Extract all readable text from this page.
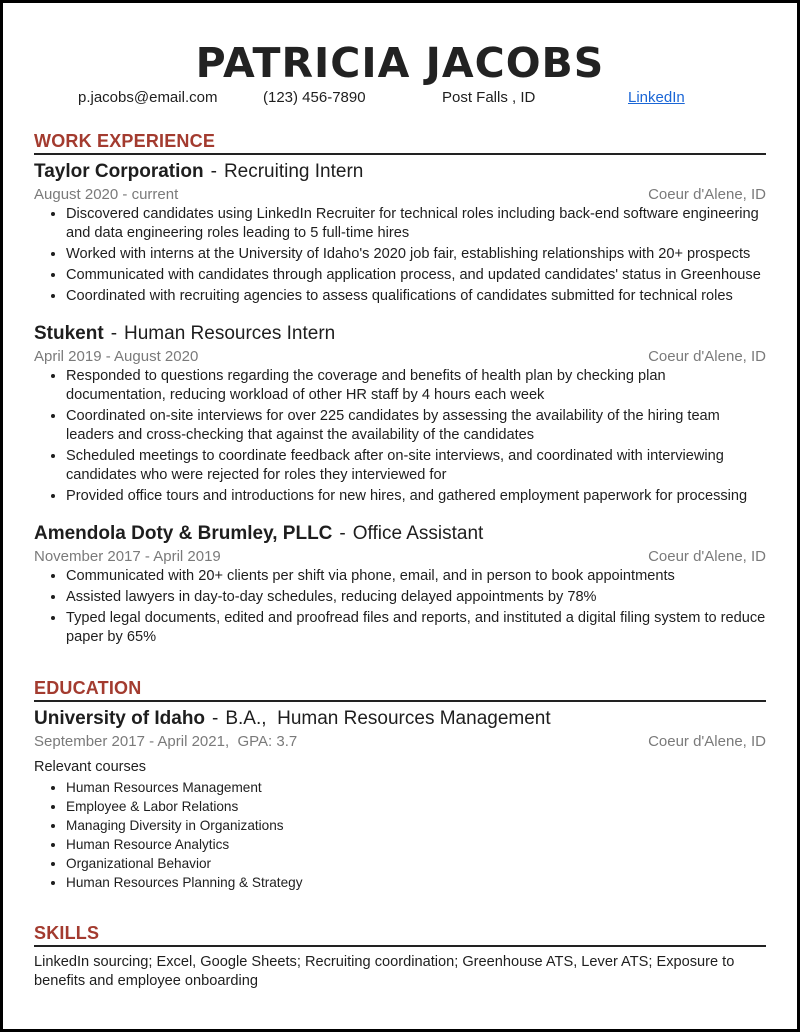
PATRICIA JACOBS
p.jacobs@email.com	(123) 456-7890	Post Falls , ID	LinkedIn
WORK EXPERIENCE
Taylor Corporation - Recruiting Intern
August 2020 - current	Coeur d'Alene, ID
• Discovered candidates using LinkedIn Recruiter for technical roles including back-end software engineering and data engineering roles leading to 5 full-time hires
• Worked with interns at the University of Idaho's 2020 job fair, establishing relationships with 20+ prospects
• Communicated with candidates through application process, and updated candidates' status in Greenhouse
• Coordinated with recruiting agencies to assess qualifications of candidates submitted for technical roles
Stukent - Human Resources Intern
April 2019 - August 2020	Coeur d'Alene, ID
• Responded to questions regarding the coverage and benefits of health plan by checking plan documentation, reducing workload of other HR staff by 4 hours each week
• Coordinated on-site interviews for over 225 candidates by assessing the availability of the hiring team leaders and cross-checking that against the availability of the candidates
• Scheduled meetings to coordinate feedback after on-site interviews, and coordinated with interviewing candidates who were rejected for roles they interviewed for
• Provided office tours and introductions for new hires, and gathered employment paperwork for processing
Amendola Doty & Brumley, PLLC - Office Assistant
November 2017 - April 2019	Coeur d'Alene, ID
• Communicated with 20+ clients per shift via phone, email, and in person to book appointments
• Assisted lawyers in day-to-day schedules, reducing delayed appointments by 78%
• Typed legal documents, edited and proofread files and reports, and instituted a digital filing system to reduce paper by 65%
EDUCATION
University of Idaho - B.A., Human Resources Management
September 2017 - April 2021, GPA: 3.7	Coeur d'Alene, ID
Relevant courses
• Human Resources Management
• Employee & Labor Relations
• Managing Diversity in Organizations
• Human Resource Analytics
• Organizational Behavior
• Human Resources Planning & Strategy
SKILLS
LinkedIn sourcing; Excel, Google Sheets; Recruiting coordination; Greenhouse ATS, Lever ATS; Exposure to benefits and employee onboarding
